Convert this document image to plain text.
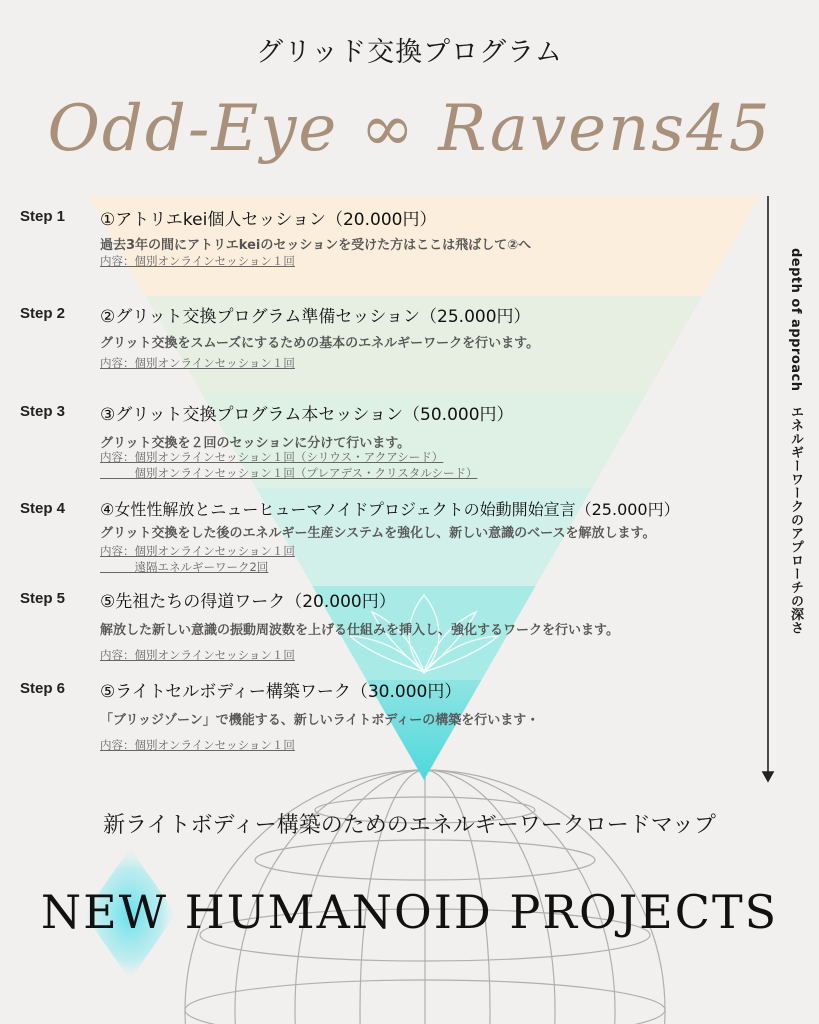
グリッド交換プログラム
Odd-Eye ∞ Ravens45
Step 1 ①アトリエkei個人セッション（20.000円）
過去3年の間にアトリエkeiのセッションを受けた方はここは飛ばして②へ
内容：個別オンラインセッション１回
Step 2 ②グリット交換プログラム準備セッション（25.000円）
グリット交換をスムーズにするための基本のエネルギーワークを行います。
内容：個別オンラインセッション１回
Step 3 ③グリット交換プログラム本セッション（50.000円）
グリット交換を２回のセッションに分けて行います。
内容：個別オンラインセッション１回（シリウス・アクアシード）
　　　個別オンラインセッション１回（プレアデス・クリスタルシード）
Step 4 ④女性性解放とニューヒューマノイドプロジェクトの始動開始宣言（25.000円）
グリット交換をした後のエネルギー生産システムを強化し、新しい意識のベースを解放します。
内容：個別オンラインセッション１回
　　　遠隔エネルギーワーク2回
Step 5 ⑤先祖たちの得道ワーク（20.000円）
解放した新しい意識の振動周波数を上げる仕組みを挿入し、強化するワークを行います。
内容：個別オンラインセッション１回
Step 6 ⑤ライトセルボディー構築ワーク（30.000円）
「ブリッジゾーン」で機能する、新しいライトボディーの構築を行います・
内容：個別オンラインセッション１回
depth of approach　エネルギーワークのアプローチの深さ
新ライトボディー構築のためのエネルギーワークロードマップ
NEW HUMANOID PROJECTS
